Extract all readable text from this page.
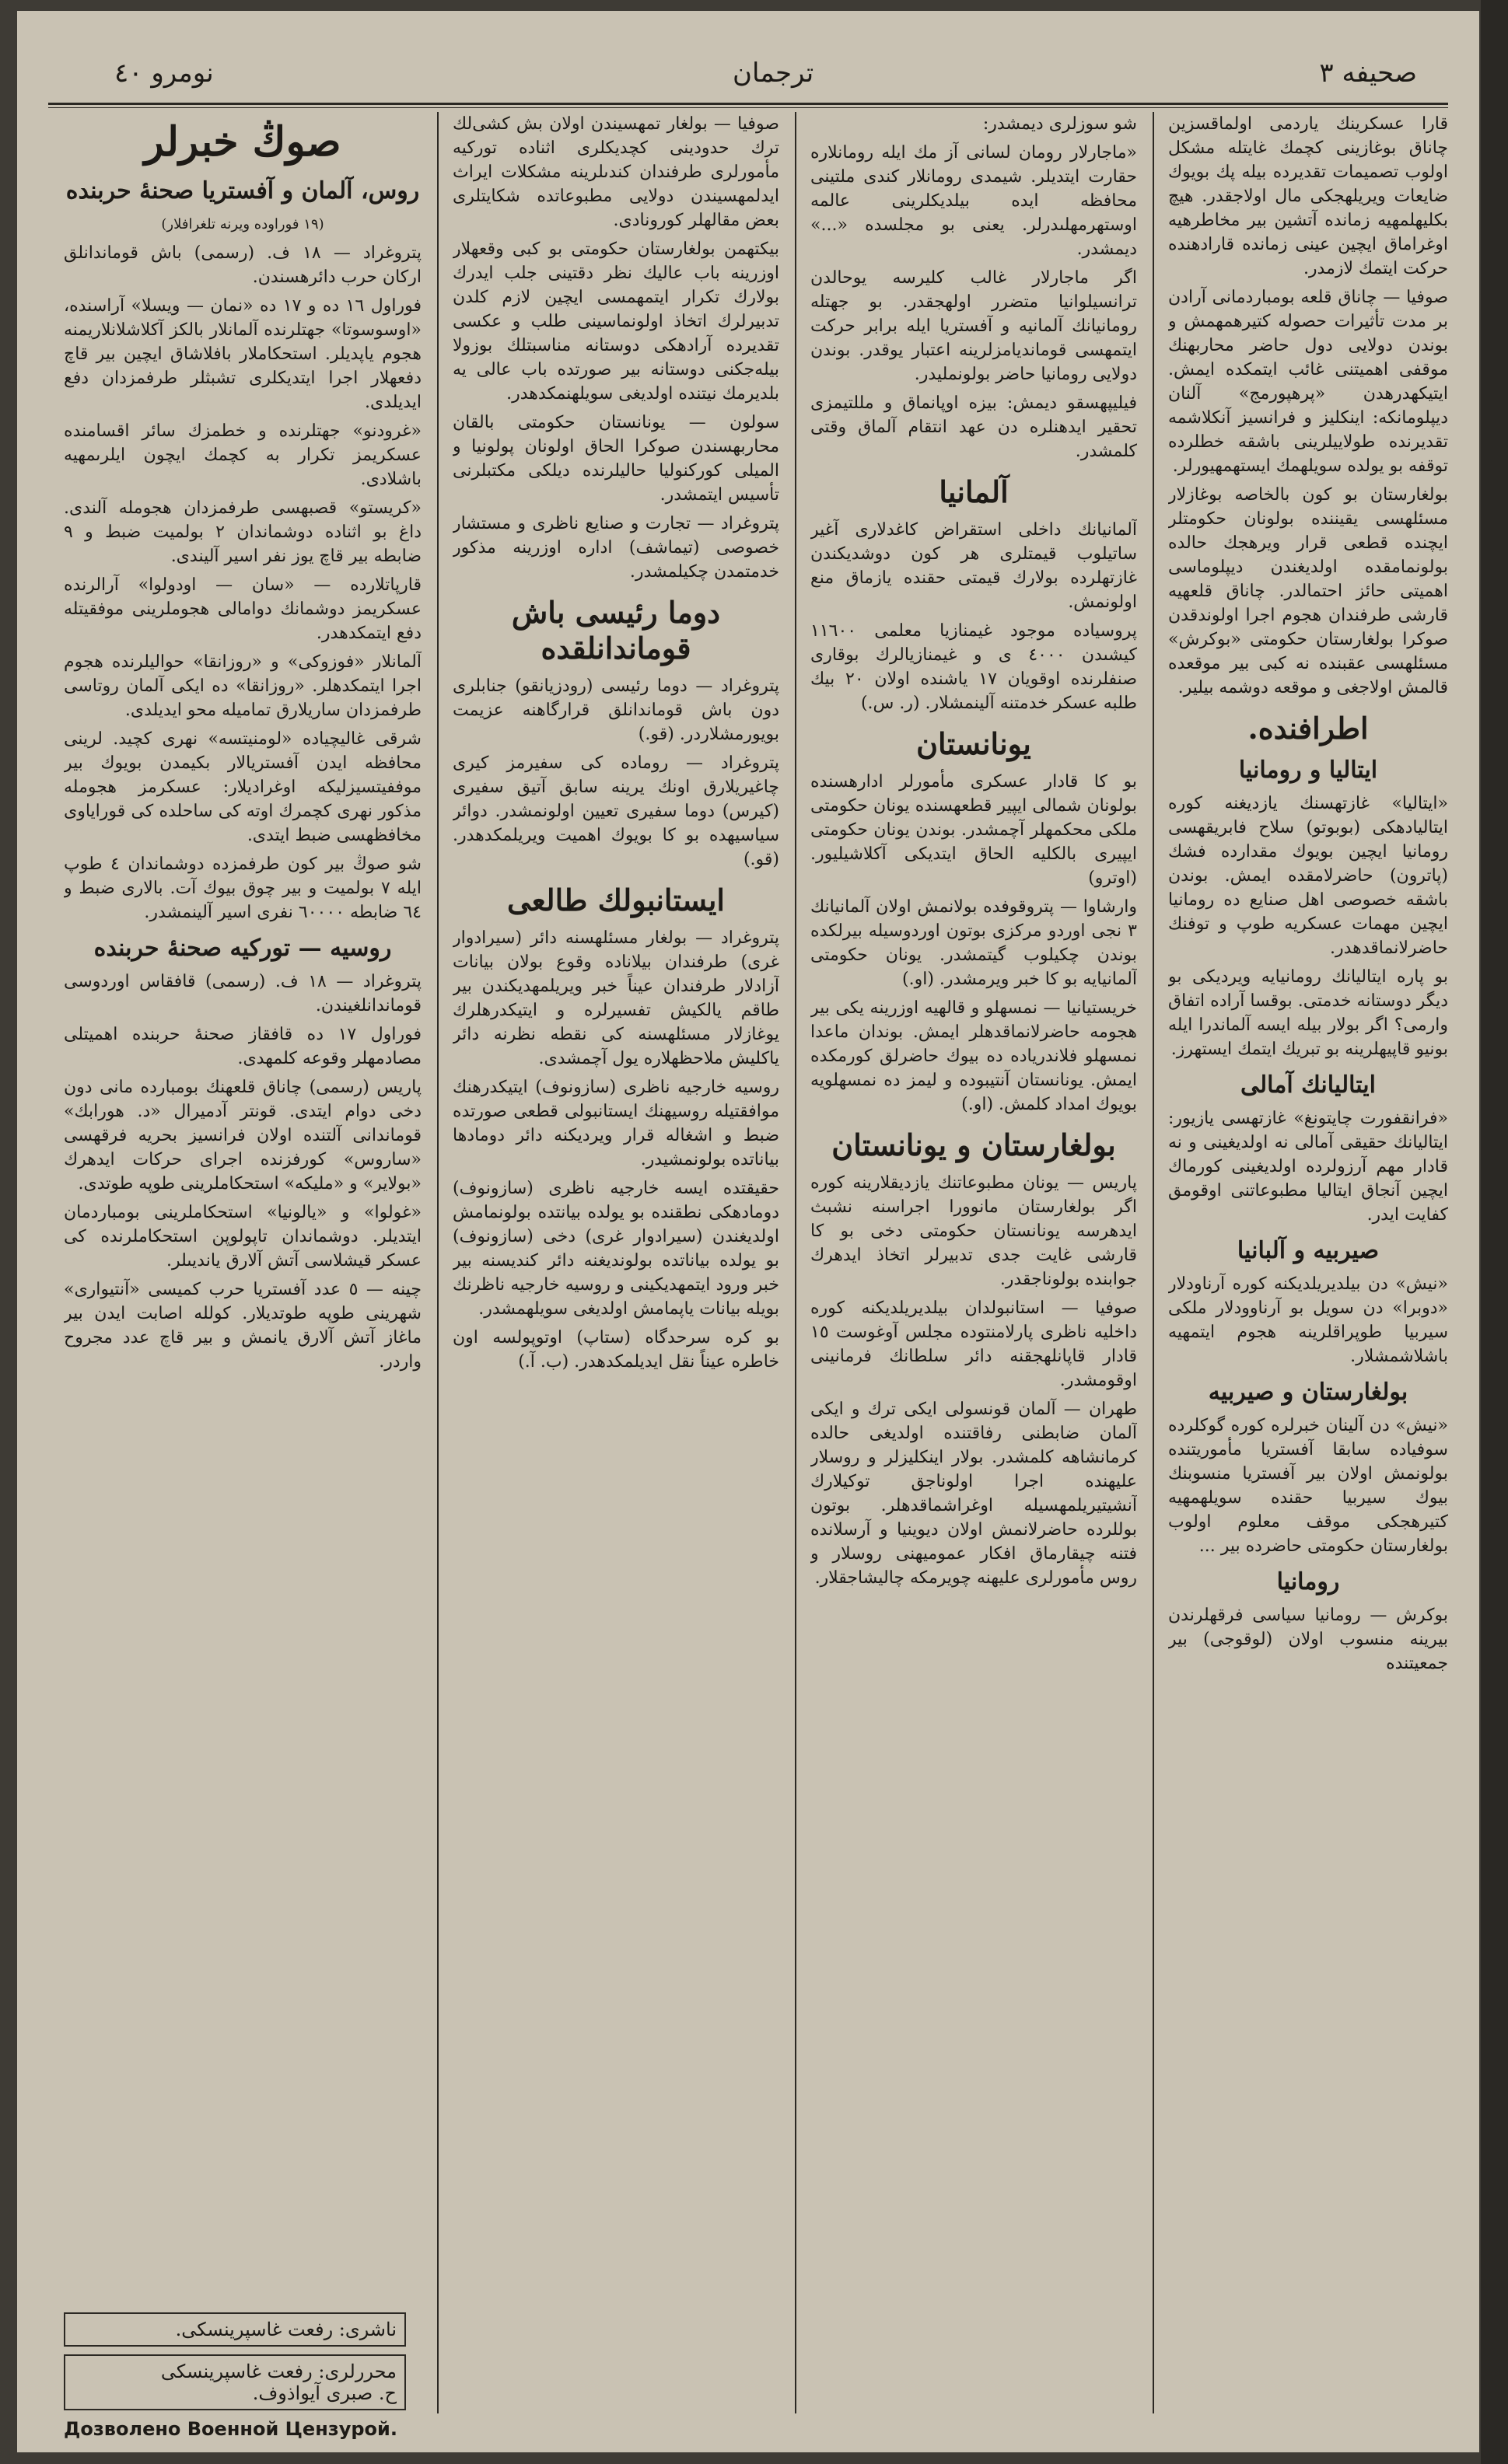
نومرو ٤٠	ترجمان	صحيفه ٣
صوڭ خبرلر
روس، آلمان و آفستريا صحنهٔ حربنده

(١٩ فوراوده ويرنه تلغرافلار)

پتروغراد — ١٨ ف. (رسمی) باش قوماندانلق اركان حرب دائرهسندن.

فوراول ١٦ ده و ١٧ ده «نمان — ويسلا» آراسنده، «اوسوسوتا» جهتلرنده آلمانلار بالكز آكلاشلانلاريمنه هجوم ياپديلر. استحكاملار بافلاشاق ايچين بير قاچ دفعهلار اجرا ايتديكلرى تشبثلر طرفمزدان دفع ايديلدى.

«غرودنو» جهتلرنده و خطمزك سائر اقسامنده عسكريمز تكرار به كچمك ايچون ايلرىمهيه باشلادى.

«کریستو» قصبهسی طرفمزدان هجومله آلندی. داغ بو اثناده دوشماندان ٢ بولميت ضبط و ٩ ضابطه بير قاچ يوز نفر اسير آليندى.

قارپاتلارده — «سان — اودولوا» آرالرنده عسكريمز دوشمانك دوامالى هجوملرينى موفقيتله دفع ايتمكدهدر.

آلمانلار «فوزوكى» و «روزانقا» حواليلرنده هجوم اجرا ايتمكدهلر. «روزانقا» ده ايكى آلمان روتاسى طرفمزدان ساريلارق تماميله محو ايديلدى.

شرقى غاليچياده «لومنيتسه» نهرى كچيد. لرينى محافظه ايدن آفستريالار بكيمدن بويوك بير موففيتسيزليكه اوغراديلار: عسكرمز هجومله مذكور نهرى كچمرك اوته كى ساحلده كى قوراياوى مخافظهسى ضبط ايتدى.

شو صوڭ بير كون طرفمزده دوشماندان ٤ طوپ ايله ٧ بولميت و بير چوق بيوك آت. بالارى ضبط و ٦٤ ضابطه ٦٠٠٠٠ نفرى اسير آلينمشدر.

روسيه — توركيه صحنهٔ حربنده

پتروغراد — ١٨ ف. (رسمی) قافقاس اوردوسى قوماندانلغيندن.

فوراول ١٧ ده قافقاز صحنهٔ حربنده اهميتلى مصادمهلر وقوعه كلمهدى.

پاريس (رسمی) چاناق قلعهنك بومبارده مانى دون دخى دوام ايتدى. قونتر آدميرال «د. هورابك» قوماندانى آلتنده اولان فرانسيز بحريه فرقهسى «ساروس» كورفزنده اجراى حركات ايدهرك «بولاير» و «مليكه» استحكاملرينى طوپه طوتدى.

«غولوا» و «يالونيا» استحكاملرينى بومباردمان ايتديلر. دوشماندان تاپولوپن استحكاملرنده كى عسكر قيشلاسى آتش آلارق يانديىلر.

چينه — ٥ عدد آفستريا حرب كميسى «آنتيوارى» شهرينى طوپه طوتديلار. كولله اصابت ايدن بير ماغاز آتش آلارق يانمش و بير قاچ عدد مجروح واردر.

ناشرى: رفعت غاسپرينسكى.
محررلرى: رفعت غاسپرينسكى
ح. صبرى آيواذوف.
Дозволено Военной Цензурой.

صوفيا — بولغار تمهسيندن اولان بش كشى‌لك ترك حدودينى كچديكلرى اثناده توركيه مأمورلرى طرفندان كندىلرينه مشكلات ايراث ايدلمهسيندن دولايى مطبوعاتده شكايتلرى بعض مقالهلر كورونادى.

بيكتهمن بولغارستان حكومتى بو كبى وقعهلار اوزرينه باب عاليك نظر دقتينى جلب ايدرك بولارك تكرار ايتمهمسى ايچين لازم كلدن تدبيرلرك اتخاذ اولونماسينى طلب و عكسى تقديرده آرادهكى دوستانه مناسبتلك بوزولا بيله‌جكنى دوستانه بير صورتده باب عالى يه بلديرمك نيتنده اولديغى سويلهنمكدهدر.

سولون — يونانستان حكومتى بالقان محاربهسندن صوكرا الحاق اولونان پولونيا و الميلى كوركنوليا حاليلرنده ديلكى مكتبلرنى تأسيس ايتمشدر.

پتروغراد — تجارت و صنايع ناظرى و مستشار خصوصى (تيماشف) اداره اوزرينه مذكور خدمتمدن چكيلمشدر.

دوما رئيسى باش قوماندانلقده

پتروغراد — دوما رئيسى (رودزيانقو) جنابلرى دون باش قوماندانلق قرارگاهنه عزيمت بويورمشلاردر. (قو.)

پتروغراد — روماده كى سفيرمز كيرى چاغيريلارق اونك يرينه سابق آتيق سفيرى (كيرس) دوما سفيرى تعيين اولونمشدر. دوائر سياسيهده بو كا بويوك اهميت ويريلمكدهدر. (قو.)

ايستانبولك طالعى

پتروغراد — بولغار مسئلهسنه دائر (سيرادوار غرى) طرفندان بيلاناده وقوع بولان بيانات آزادلار طرفندان عيناً خبر ويريلمهديكندن بير طاقم يالكيش تفسيرلره و ايتيكدرهلرك يوغازلار مسئلهسنه كى نقطه نظرنه دائر ياكليش ملاحظهلاره يول آچمشدى.

روسيه خارجيه ناظرى (سازونوف) ايتيكدرهنك موافقتيله روسيهنك ايستانبولى قطعى صورتده ضبط و اشغاله قرار ويرديكنه دائر دومادها بياناتده بولونمشيدر.

حقيقتده ايسه خارجيه ناظرى (سازونوف) دومادهكى نطقنده بو يولده بيانتده بولونمامش اولديغندن (سيرادوار غرى) دخى (سازونوف) بو يولده بياناتده بولونديغنه دائر كنديسنه بير خبر ورود ايتمهديكينى و روسيه خارجيه ناظرنك بويله بيانات ياپمامش اولديغى سويلهمشدر.

بو كره سرحدگاه (ستاپ) اوتوپولسه اون خاطره عيناً نقل ايديلمكدهدر. (ب. آ.)

شو سوزلرى ديمشدر:

«ماجارلار رومان لسانى آز مك ايله رومانلاره حقارت ايتديلر. شيمدى رومانلار كندى ملتينى محافظه ايده بيلديكلرينى عالمه اوستهرمهلىدرلر. يعنى بو مجلسده «...» ديمشدر.

اگر ماجارلار غالب كليرسه يوحالدن ترانسيلوانيا متضرر اولهجقدر. بو جهتله رومانيانك آلمانيه و آفستريا ايله برابر حركت ايتمهسى قومانديامزلرينه اعتبار يوقدر. بوندن دولايى رومانيا حاضر بولونمليدر.

فيليپهسقو ديمش: بيزه اوپانماق و مللتيمزى تحقير ايدهنلره دن عهد انتقام آلماق وقتى كلمشدر.

آلمانيا

آلمانيانك داخلى استقراض كاغدلارى آغير ساتيلوب قيمتلرى هر كون دوشديكندن غازتهلرده بولارك قيمتى حقنده يازماق منع اولونمش.

پروسياده موجود غيمنازيا معلمى ١١٦٠٠ كيشىدن ٤٠٠٠ ى و غيمنازيالرك بوقارى صنفلرنده اوقويان ١٧ ياشنده اولان ٢٠ بيك طلبه عسكر خدمتنه آلينمشلار. (ر. س.)

يونانستان

بو كا قادار عسكرى مأمورلر ادارهسنده بولونان شمالى ايپير قطعهسنده يونان حكومتى ملكى محكمهلر آچمشدر. بوندن يونان حكومتى ايپيرى بالكليه الحاق ايتديكى آكلاشيليور. (اوترو)

وارشاوا — پتروقوفده بولانمش اولان آلمانيانك ٣ نجى اوردو مركزى بوتون اوردوسيله بيرلكده بوندن چكيلوب گيتمشدر. يونان حكومتى آلمانيايه بو كا خبر ويرمشدر. (او.)

خريستيانيا — نمسهلو و قالهيه اوزرينه يكى بير هجومه حاضرلانماقدهلر ايمش. بوندان ماعدا نمسهلو فلاندرياده ده بيوك حاضرلق كورمكده ايمش. يونانستان آنتيبوده و ليمز ده نمسهلويه بويوك امداد كلمش. (او.)

بولغارستان و يونانستان

پاريس — يونان مطبوعاتنك يازديقلارينه كوره اگر بولغارستان مانوورا اجراسنه نشبث ايدهرسه يونانستان حكومتى دخى بو كا قارشى غايت جدى تدبيرلر اتخاذ ايدهرك جوابنده بولوناجقدر.

صوفيا — استانبولدان بيلديريلديكنه كوره داخليه ناظرى پارلامنتوده مجلس آوغوست ١٥ قادار قاپانلهجقنه دائر سلطانك فرمانينى اوقومشدر.

طهران — آلمان قونسولى ايكى ترك و ايكى آلمان ضابطنى رفاقتنده اولديغى حالده كرمانشاهه كلمشدر. بولار اينكليزلر و روسلار عليهنده اجرا اولوناجق توكيلارك آنشيتيريلمهسيله اوغراشماقدهلر. بوتون بوللرده حاضرلانمش اولان ديوينيا و آرسلانده فتنه چيقارماق افكار عموميهنى روسلار و روس مأمورلرى عليهنه چويرمكه چاليشاجقلار.

قارا عسكرينك ياردمى اولماقسزين چاناق بوغازينى كچمك غايتله مشكل اولوب تصميمات تقديرده بيله پك بويوك ضايعات ويريلهجكى مال اولاجقدر. هيچ بكليهلمهيه زمانده آتشين بير مخاطرهيه اوغراماق ايچين عينى زمانده قارادهنده حركت ايتمك لازمدر.

صوفيا — چاناق قلعه بومباردمانى آرادن بر مدت تأثيرات حصوله كتيرهمهمش و بوندن دولايى دول حاضر محاربهنك موقفى اهميتنى غائب ايتمكده ايمش. ايتيكهدرهدن «پرهپورمج» آلنان ديپلومانكه: اينكليز و فرانسيز آنكلاشمه تقديرنده طولاييلرينى باشقه خطلرده توقفه بو يولده سويلهمك ايستهمهيورلر.

بولغارستان بو كون بالخاصه بوغازلار مسئلهسى يقيننده بولونان حكومتلر ايچنده قطعى قرار ويرهجك حالده بولونمامقده اولديغندن ديپلوماسى اهميتى حائز احتمالدر. چاناق قلعهيه قارشى طرفندان هجوم اجرا اولوندقدن صوكرا بولغارستان حكومتى «بوكرش» مسئلهسى عقبنده نه كبى بير موقعده قالمش اولاجغى و موقعه دوشمه بيلير.

اطرافنده.
ايتاليا و رومانيا

«ايتاليا» غازتهسنك يازديغنه كوره ايتاليادهكى (بوبوتو) سلاح فابريقهسى رومانيا ايچين بويوك مقدارده فشك (پاترون) حاضرلامقده ايمش. بوندن باشقه خصوصى اهل صنايع ده رومانيا ايچين مهمات عسكريه طوپ و توفنك حاضرلانماقدهدر.

بو پاره ايتاليانك رومانيايه ويرديكى بو ديگر دوستانه خدمتى. بوقسا آراده اتفاق وارمى؟ اگر بولار بيله ايسه آلماندرا ايله بونيو قاپيهلرينه بو تبريك ايتمك ايستهرز.

ايتاليانك آمالى

«فرانقفورت چايتونغ» غازتهسى يازيور: ايتاليانك حقيقى آمالى نه اولديغينى و نه قادار مهم آرزولرده اولديغينى كورماك ايچين آنجاق ايتاليا مطبوعاتنى اوقومق كفايت ايدر.

صيربيه و آلبانيا

«نيش» دن بيلديريلديكنه كوره آرناودلار «دوبرا» دن سويل بو آرناوودلار ملكى سيربيا طوپراقلرينه هجوم ايتمهيه باشلاشمشلار.

بولغارستان و صيربيه

«نيش» دن آلينان خبرلره كوره گوكلرده سوفياده سابقا آفستريا مأموريتنده بولونمش اولان بير آفستريا منسوبنك بيوك سيربيا حقنده سويلهمهيه كتيرهجكى موقف معلوم اولوب بولغارستان حكومتى حاضرده بير ...

رومانيا

بوكرش — رومانيا سياسى فرقهلرندن بيرينه منسوب اولان (لوقوجى) بير جمعيتنده
